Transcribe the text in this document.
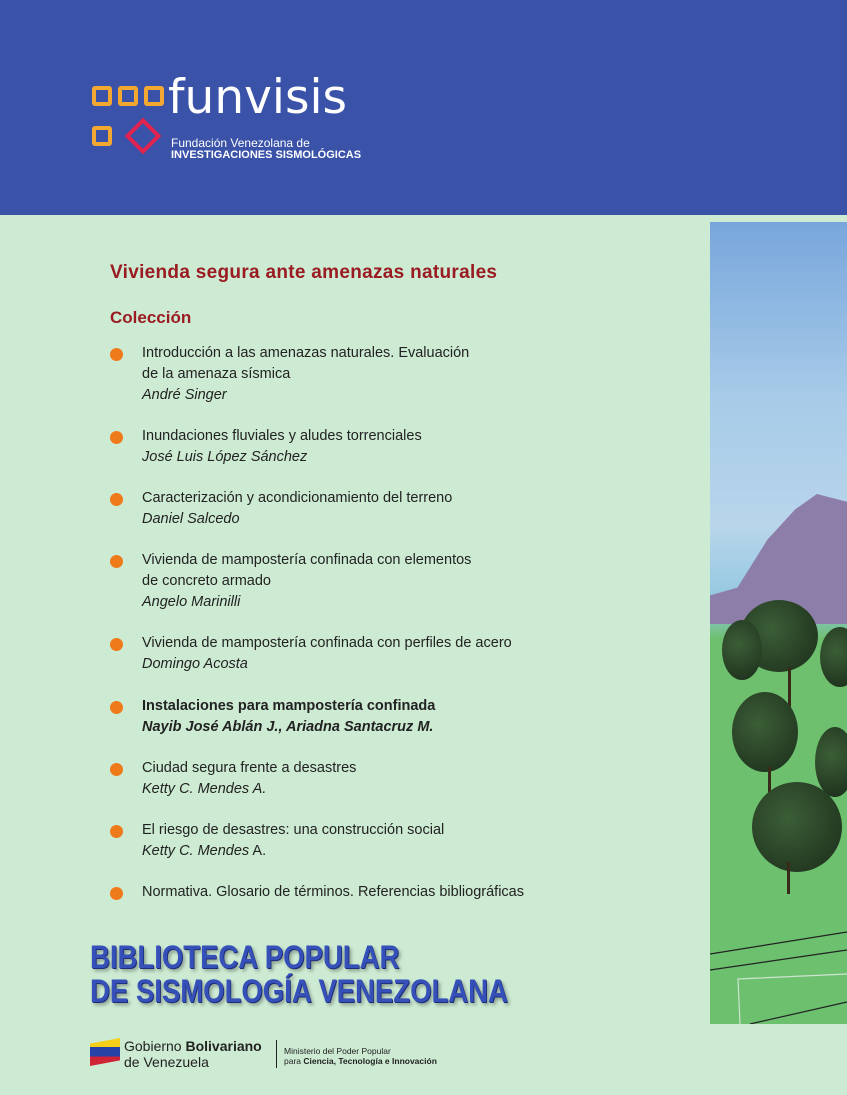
funvisis
Fundación Venezolana de
INVESTIGACIONES SISMOLÓGICAS
Vivienda segura ante amenazas naturales
Colección
Introducción a las amenazas naturales. Evaluación
de la amenaza sísmica
André Singer
Inundaciones fluviales y aludes torrenciales
José Luis López Sánchez
Caracterización y acondicionamiento del terreno
Daniel Salcedo
Vivienda de mampostería confinada con elementos
de concreto armado
Angelo Marinilli
Vivienda de mampostería confinada con perfiles de acero
Domingo Acosta
Instalaciones para mampostería confinada
Nayib José Ablán J., Ariadna Santacruz M.
Ciudad segura frente a desastres
Ketty C. Mendes A.
El riesgo de desastres: una construcción social
Ketty C. Mendes A.
Normativa. Glosario de términos. Referencias bibliográficas
BIBLIOTECA POPULAR
DE SISMOLOGÍA VENEZOLANA
Gobierno Bolivariano
de Venezuela
Ministerio del Poder Popular
para Ciencia, Tecnología e Innovación
